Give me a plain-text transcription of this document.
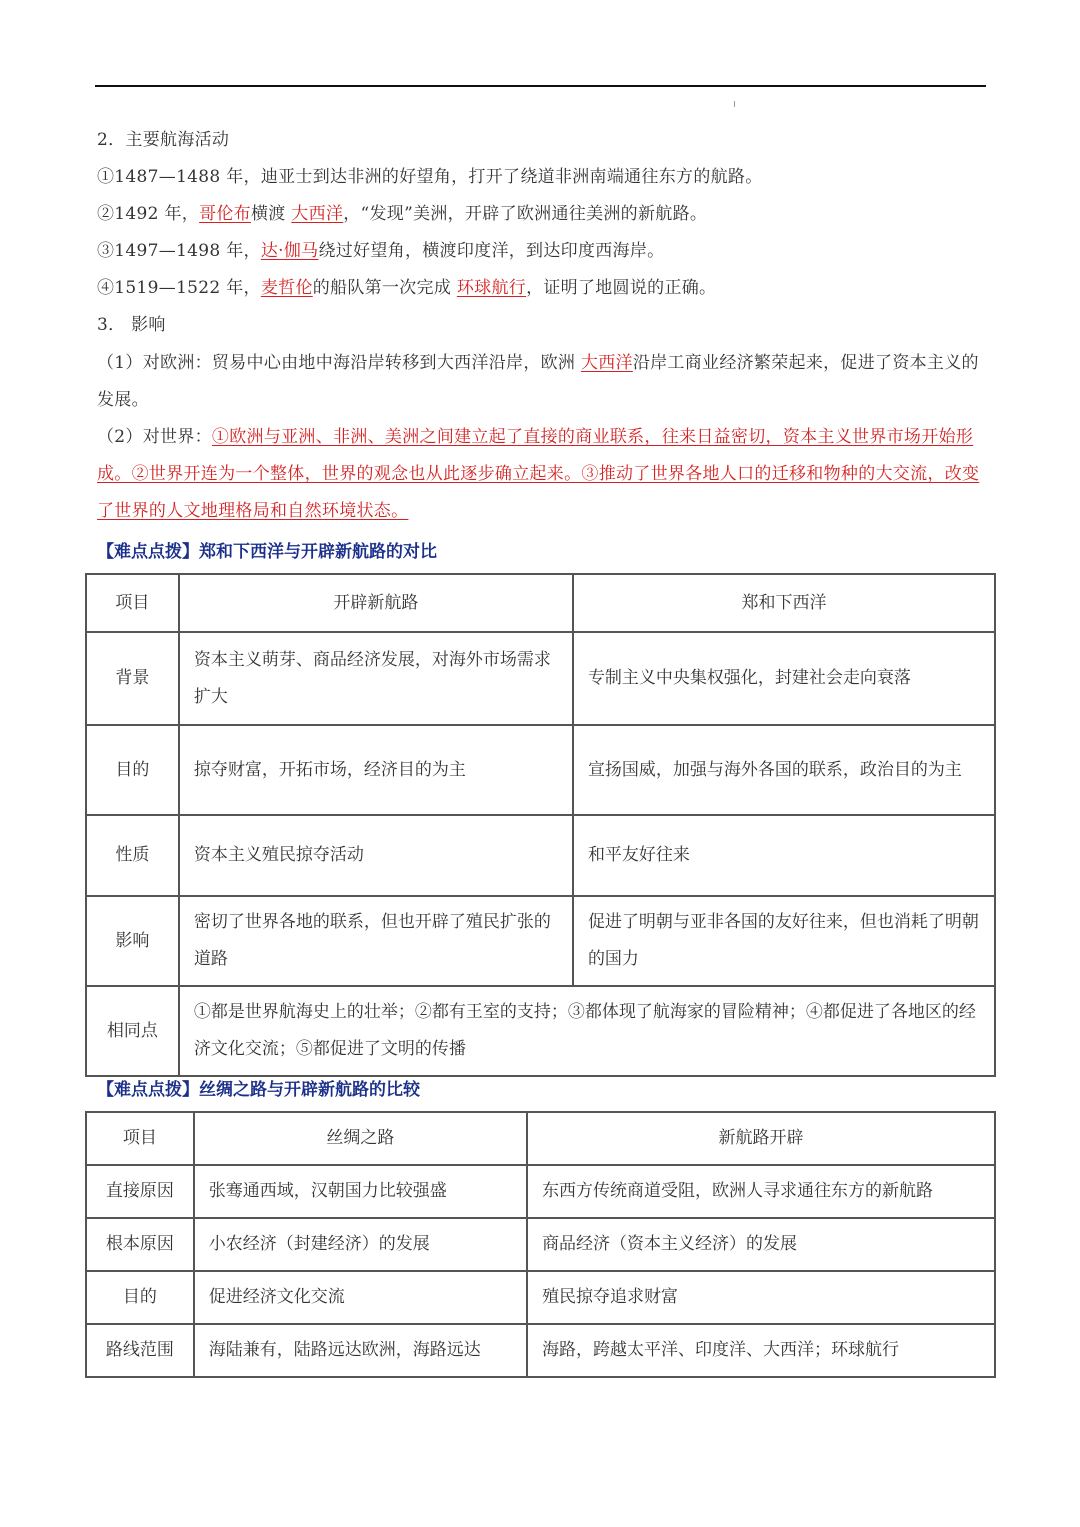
2．主要航海活动
①1487—1488 年，迪亚士到达非洲的好望角，打开了绕道非洲南端通往东方的航路。
②1492 年，哥伦布横渡 大西洋，“发现”美洲，开辟了欧洲通往美洲的新航路。
③1497—1498 年，达·伽马绕过好望角，横渡印度洋，到达印度西海岸。
④1519—1522 年，麦哲伦的船队第一次完成 环球航行，证明了地圆说的正确。
3． 影响
（1）对欧洲：贸易中心由地中海沿岸转移到大西洋沿岸，欧洲 大西洋沿岸工商业经济繁荣起来，促进了资本主义的发展。
（2）对世界：①欧洲与亚洲、非洲、美洲之间建立起了直接的商业联系，往来日益密切，资本主义世界市场开始形成。②世界开连为一个整体，世界的观念也从此逐步确立起来。③推动了世界各地人口的迁移和物种的大交流，改变了世界的人文地理格局和自然环境状态。
【难点点拨】郑和下西洋与开辟新航路的对比
项目	开辟新航路	郑和下西洋
背景	资本主义萌芽、商品经济发展，对海外市场需求扩大	专制主义中央集权强化，封建社会走向衰落
目的	掠夺财富，开拓市场，经济目的为主	宣扬国威，加强与海外各国的联系，政治目的为主
性质	资本主义殖民掠夺活动	和平友好往来
影响	密切了世界各地的联系，但也开辟了殖民扩张的道路	促进了明朝与亚非各国的友好往来，但也消耗了明朝的国力
相同点	①都是世界航海史上的壮举；②都有王室的支持；③都体现了航海家的冒险精神；④都促进了各地区的经济文化交流；⑤都促进了文明的传播	
【难点点拨】丝绸之路与开辟新航路的比较
项目	丝绸之路	新航路开辟
直接原因	张骞通西域，汉朝国力比较强盛	东西方传统商道受阻，欧洲人寻求通往东方的新航路
根本原因	小农经济（封建经济）的发展	商品经济（资本主义经济）的发展
目的	促进经济文化交流	殖民掠夺追求财富
路线范围	海陆兼有，陆路远达欧洲，海路远达	海路，跨越太平洋、印度洋、大西洋；环球航行
